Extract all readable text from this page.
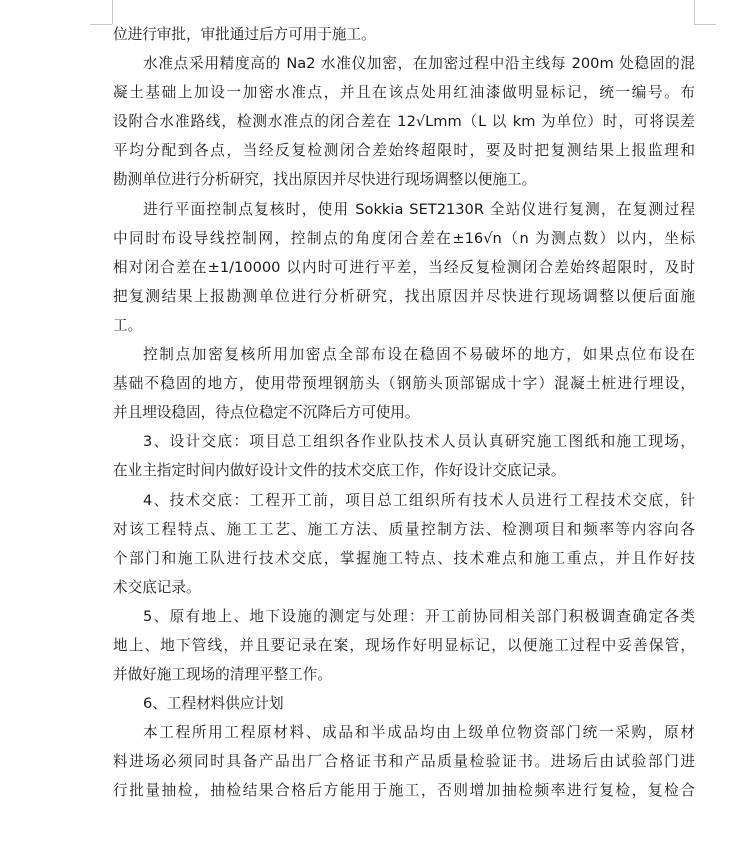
位进行审批，审批通过后方可用于施工。
水准点采用精度高的 Na2 水准仪加密，在加密过程中沿主线每 200m 处稳固的混
凝土基础上加设一加密水准点，并且在该点处用红油漆做明显标记，统一编号。布
设附合水准路线，检测水准点的闭合差在 12√Lmm（L 以 km 为单位）时，可将误差
平均分配到各点，当经反复检测闭合差始终超限时，要及时把复测结果上报监理和
勘测单位进行分析研究，找出原因并尽快进行现场调整以便施工。
进行平面控制点复核时，使用 Sokkia SET2130R 全站仪进行复测，在复测过程
中同时布设导线控制网，控制点的角度闭合差在±16√n（n 为测点数）以内，坐标
相对闭合差在±1/10000 以内时可进行平差，当经反复检测闭合差始终超限时，及时
把复测结果上报勘测单位进行分析研究，找出原因并尽快进行现场调整以便后面施
工。
控制点加密复核所用加密点全部布设在稳固不易破坏的地方，如果点位布设在
基础不稳固的地方，使用带预埋钢筋头（钢筋头顶部锯成十字）混凝土桩进行埋设，
并且埋设稳固，待点位稳定不沉降后方可使用。
3、设计交底：项目总工组织各作业队技术人员认真研究施工图纸和施工现场，
在业主指定时间内做好设计文件的技术交底工作，作好设计交底记录。
4、技术交底：工程开工前，项目总工组织所有技术人员进行工程技术交底，针
对该工程特点、施工工艺、施工方法、质量控制方法、检测项目和频率等内容向各
个部门和施工队进行技术交底，掌握施工特点、技术难点和施工重点，并且作好技
术交底记录。
5、原有地上、地下设施的测定与处理：开工前协同相关部门积极调查确定各类
地上、地下管线，并且要记录在案，现场作好明显标记，以便施工过程中妥善保管，
并做好施工现场的清理平整工作。
6、工程材料供应计划
本工程所用工程原材料、成品和半成品均由上级单位物资部门统一采购，原材
料进场必须同时具备产品出厂合格证书和产品质量检验证书。进场后由试验部门进
行批量抽检，抽检结果合格后方能用于施工，否则增加抽检频率进行复检，复检合
